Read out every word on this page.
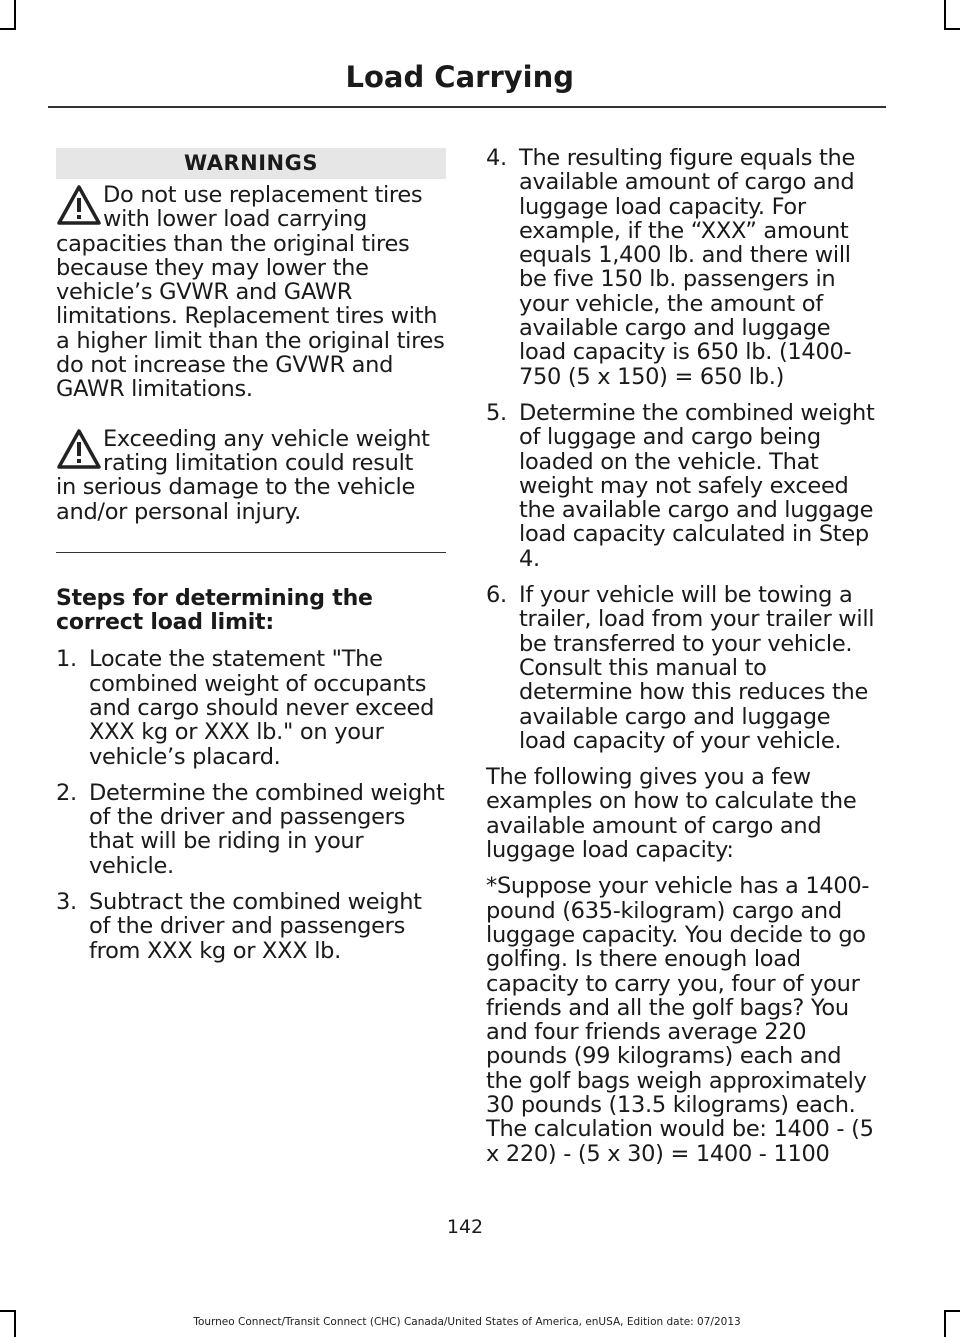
Load Carrying
WARNINGS
Do not use replacement tires with lower load carrying
capacities than the original tires because they may lower the vehicle’s GVWR and GAWR limitations. Replacement tires with a higher limit than the original tires do not increase the GVWR and GAWR limitations.
Exceeding any vehicle weight rating limitation could result
in serious damage to the vehicle and/or personal injury.
Steps for determining the correct load limit:
1. Locate the statement "The combined weight of occupants and cargo should never exceed XXX kg or XXX lb." on your vehicle’s placard.
2. Determine the combined weight of the driver and passengers that will be riding in your vehicle.
3. Subtract the combined weight of the driver and passengers from XXX kg or XXX lb.
4. The resulting figure equals the available amount of cargo and luggage load capacity. For example, if the “XXX” amount equals 1,400 lb. and there will be five 150 lb. passengers in your vehicle, the amount of available cargo and luggage load capacity is 650 lb. (1400-750 (5 x 150) = 650 lb.)
5. Determine the combined weight of luggage and cargo being loaded on the vehicle. That weight may not safely exceed the available cargo and luggage load capacity calculated in Step 4.
6. If your vehicle will be towing a trailer, load from your trailer will be transferred to your vehicle. Consult this manual to determine how this reduces the available cargo and luggage load capacity of your vehicle.
The following gives you a few examples on how to calculate the available amount of cargo and luggage load capacity:
*Suppose your vehicle has a 1400-pound (635-kilogram) cargo and luggage capacity. You decide to go golfing. Is there enough load capacity to carry you, four of your friends and all the golf bags? You and four friends average 220 pounds (99 kilograms) each and the golf bags weigh approximately 30 pounds (13.5 kilograms) each. The calculation would be: 1400 - (5 x 220) - (5 x 30) = 1400 - 1100
142
Tourneo Connect/Transit Connect (CHC) Canada/United States of America, enUSA, Edition date: 07/2013
